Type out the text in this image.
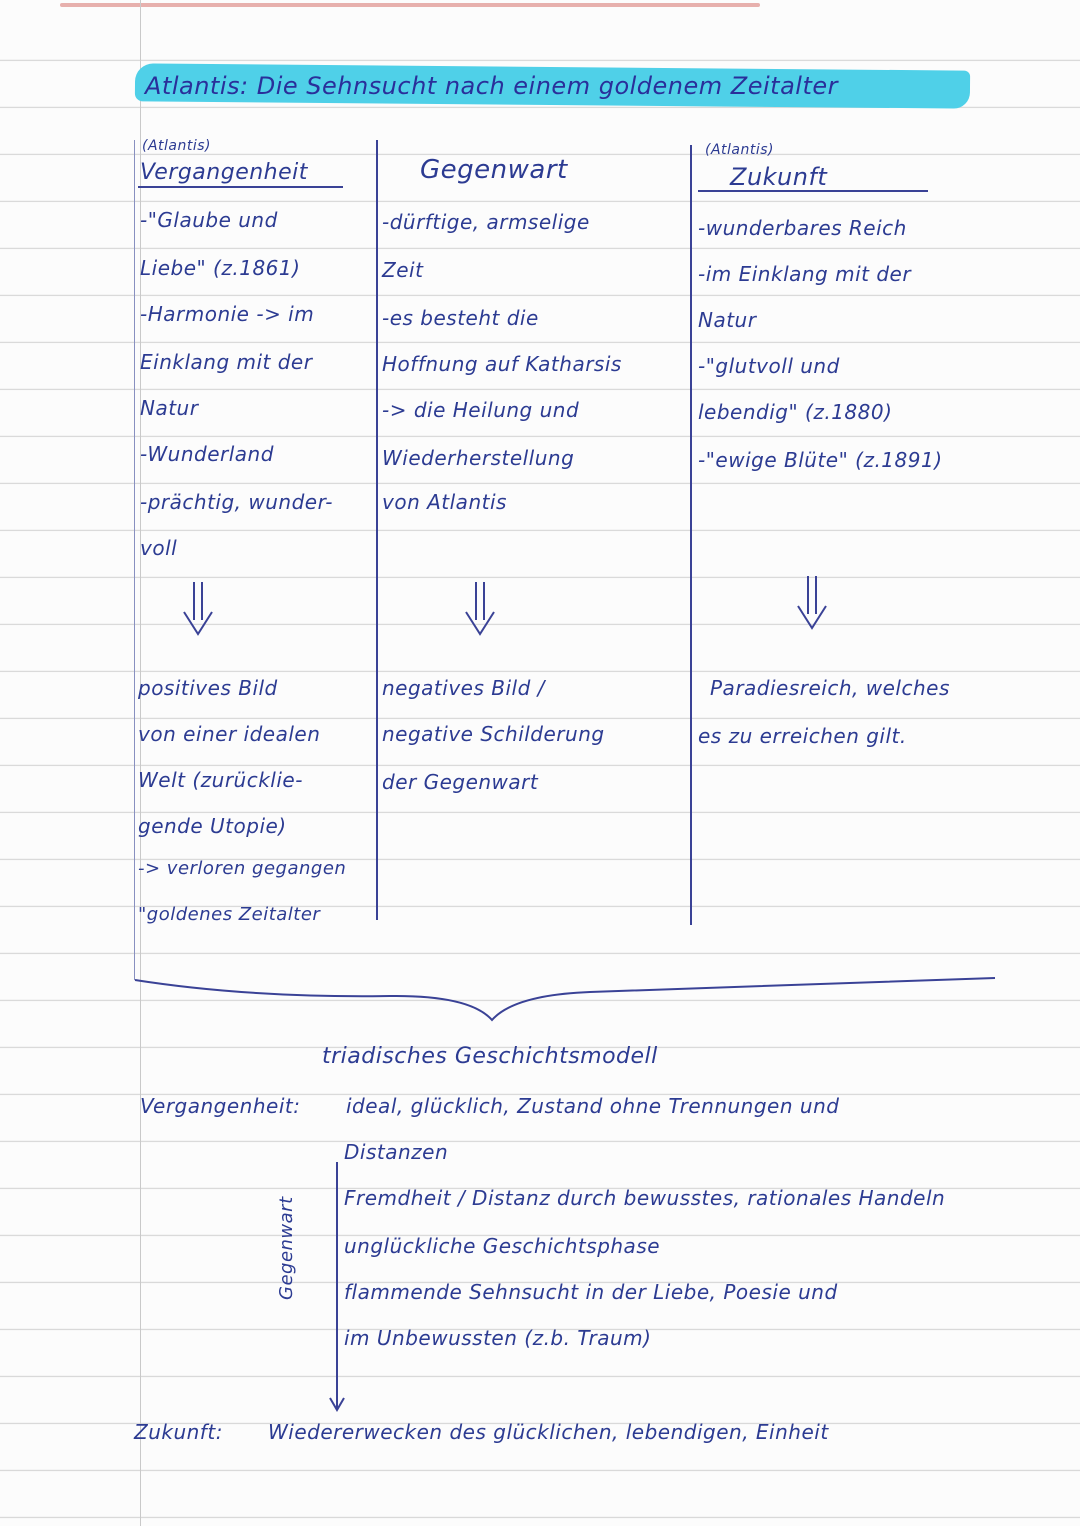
Atlantis: Die Sehnsucht nach einem goldenem Zeitalter
(Atlantis)
Vergangenheit
-"Glaube und
Liebe" (z.1861)
-Harmonie -> im
Einklang mit der
Natur
-Wunderland
-prächtig, wunder-
voll
Gegenwart
-dürftige, armselige
Zeit
-es besteht die
Hoffnung auf Katharsis
-> die Heilung und
Wiederherstellung
von Atlantis
(Atlantis)
Zukunft
-wunderbares Reich
-im Einklang mit der
Natur
-"glutvoll und
lebendig" (z.1880)
-"ewige Blüte" (z.1891)
positives Bild
von einer idealen
Welt (zurücklie-
gende Utopie)
-> verloren gegangen
"goldenes Zeitalter
negatives Bild /
negative Schilderung
der Gegenwart
Paradiesreich, welches
es zu erreichen gilt.
triadisches Geschichtsmodell
Vergangenheit: ideal, glücklich, Zustand ohne Trennungen und
Distanzen
Gegenwart Fremdheit / Distanz durch bewusstes, rationales Handeln
unglückliche Geschichtsphase
flammende Sehnsucht in der Liebe, Poesie und
im Unbewussten (z.b. Traum)
Zukunft: Wiedererwecken des glücklichen, lebendigen, Einheit
